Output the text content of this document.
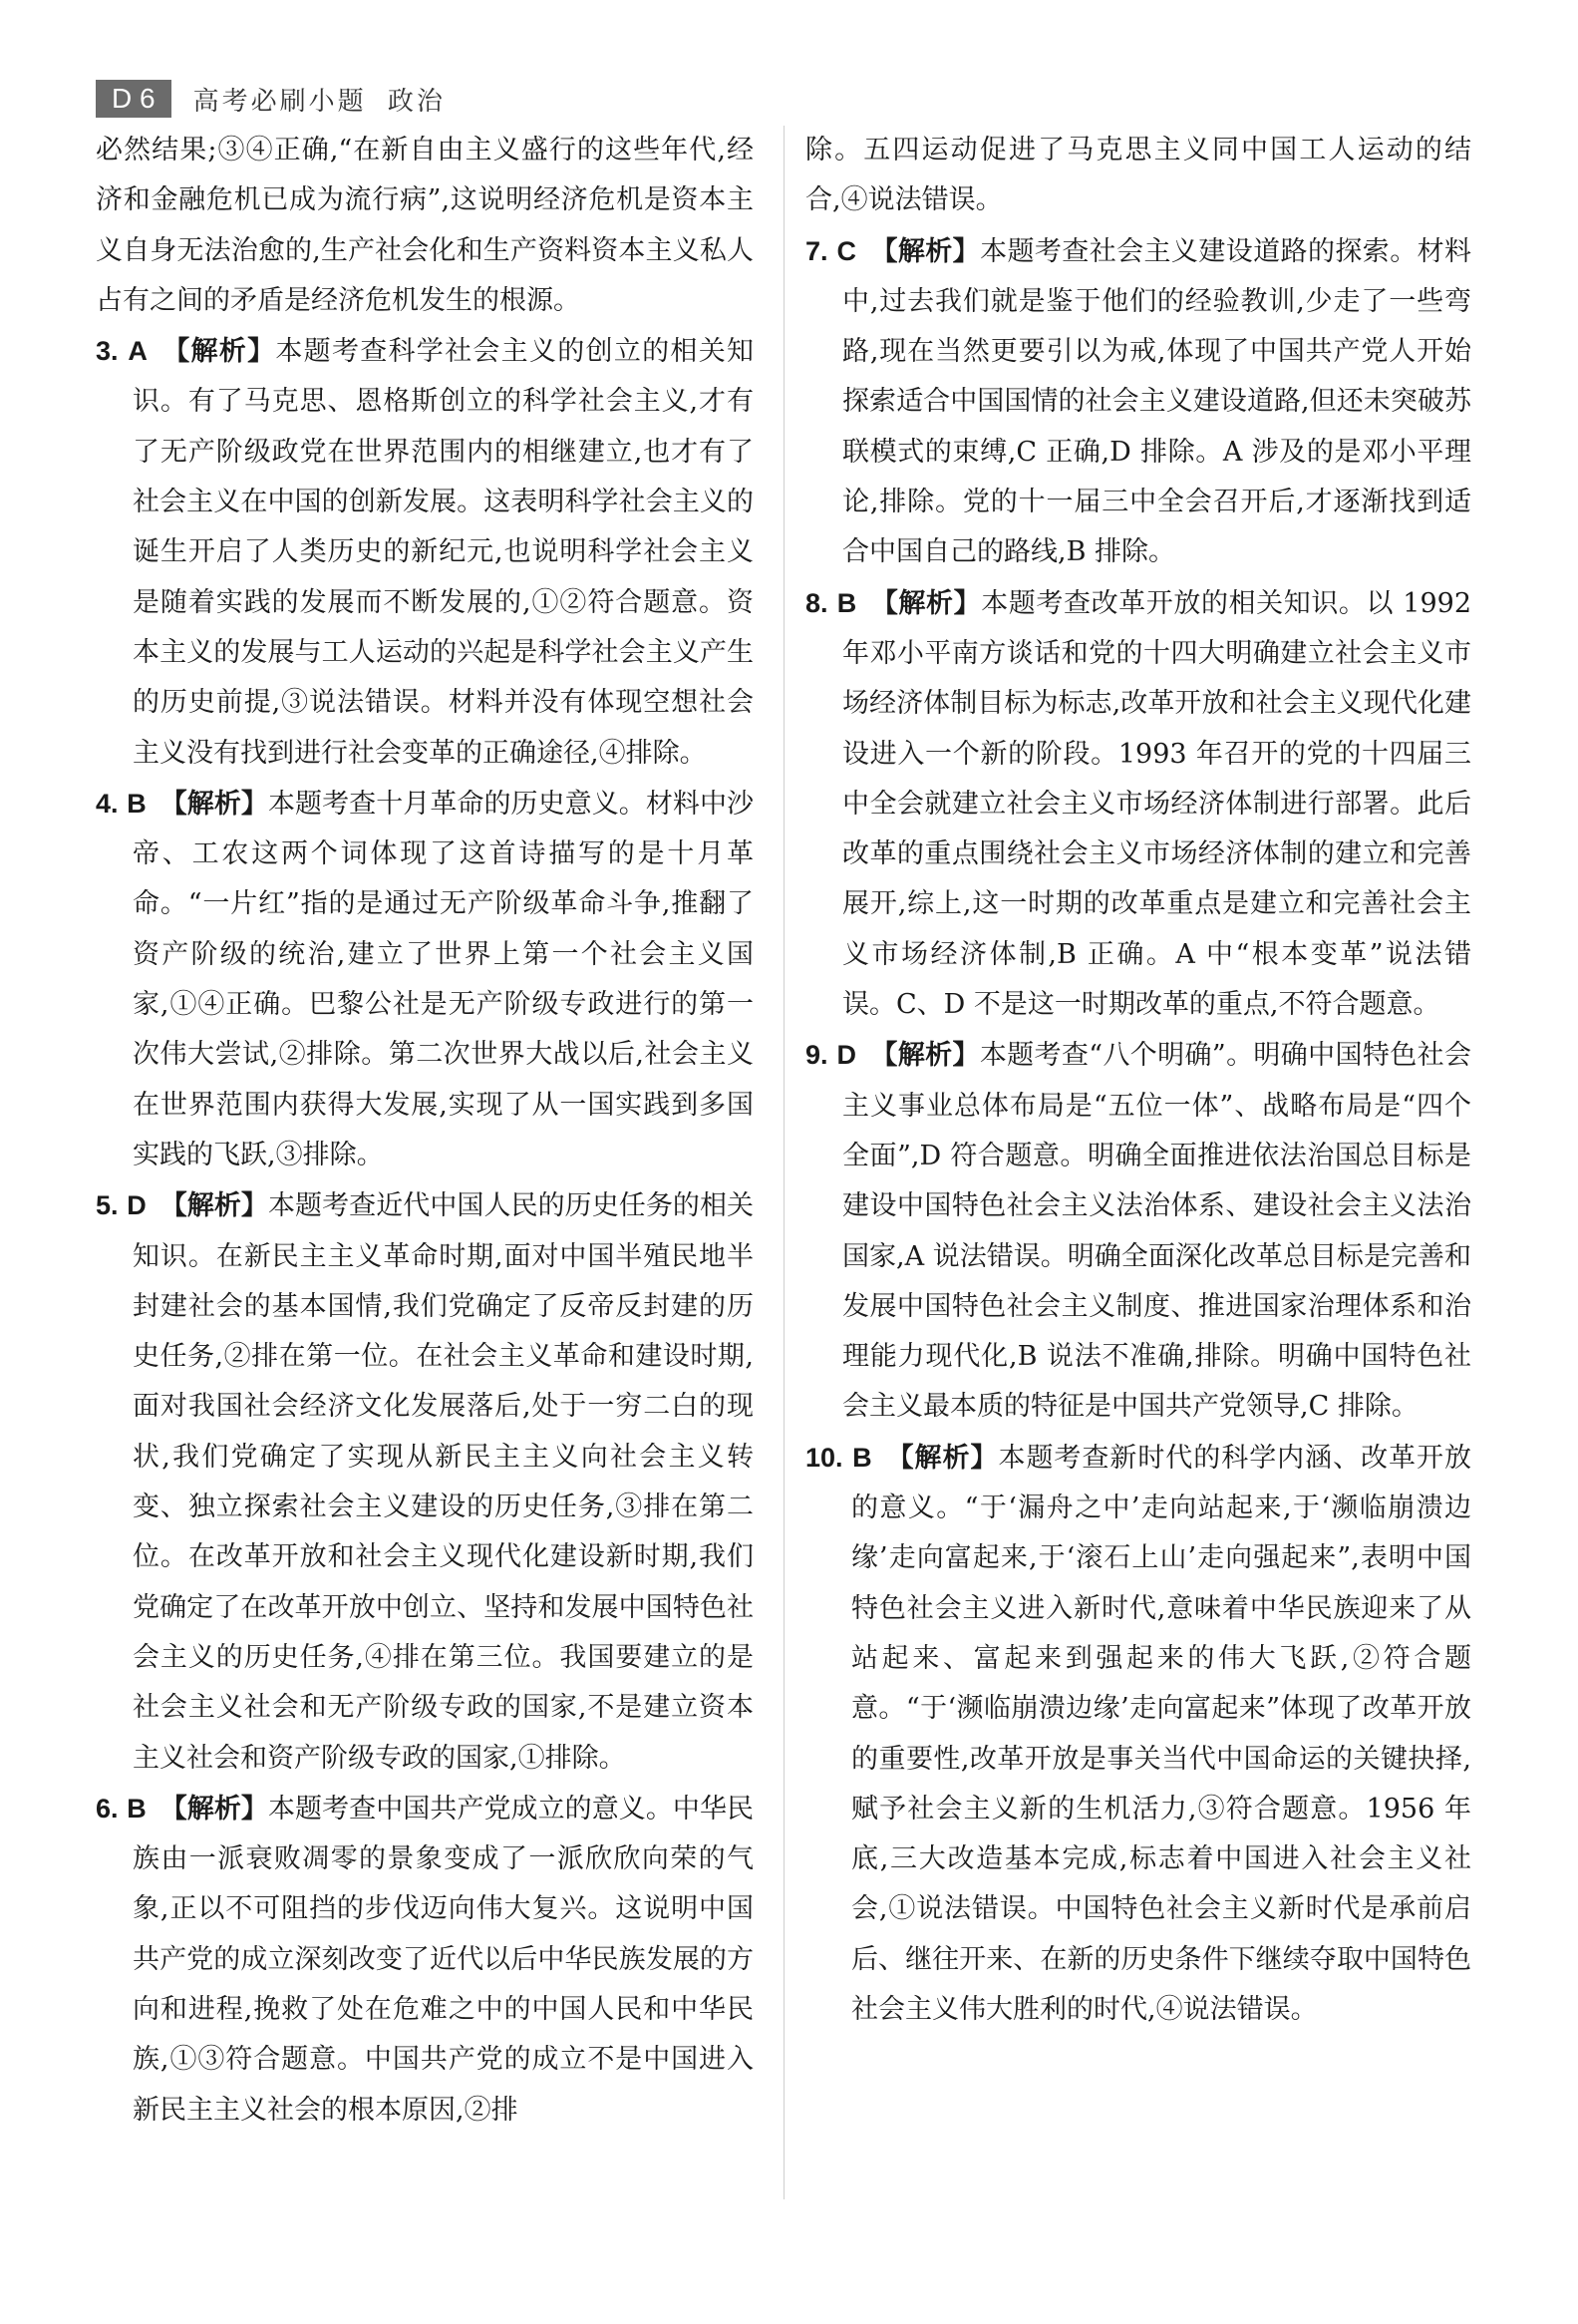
D 6	高考必刷小题 政治

必然结果;③④正确,“在新自由主义盛行的这些年代,经济和金融危机已成为流行病”,这说明经济危机是资本主义自身无法治愈的,生产社会化和生产资料资本主义私人占有之间的矛盾是经济危机发生的根源。

3. A 【解析】本题考查科学社会主义的创立的相关知识。有了马克思、恩格斯创立的科学社会主义,才有了无产阶级政党在世界范围内的相继建立,也才有了社会主义在中国的创新发展。这表明科学社会主义的诞生开启了人类历史的新纪元,也说明科学社会主义是随着实践的发展而不断发展的,①②符合题意。资本主义的发展与工人运动的兴起是科学社会主义产生的历史前提,③说法错误。材料并没有体现空想社会主义没有找到进行社会变革的正确途径,④排除。

4. B 【解析】本题考查十月革命的历史意义。材料中沙帝、工农这两个词体现了这首诗描写的是十月革命。“一片红”指的是通过无产阶级革命斗争,推翻了资产阶级的统治,建立了世界上第一个社会主义国家,①④正确。巴黎公社是无产阶级专政进行的第一次伟大尝试,②排除。第二次世界大战以后,社会主义在世界范围内获得大发展,实现了从一国实践到多国实践的飞跃,③排除。

5. D 【解析】本题考查近代中国人民的历史任务的相关知识。在新民主主义革命时期,面对中国半殖民地半封建社会的基本国情,我们党确定了反帝反封建的历史任务,②排在第一位。在社会主义革命和建设时期,面对我国社会经济文化发展落后,处于一穷二白的现状,我们党确定了实现从新民主主义向社会主义转变、独立探索社会主义建设的历史任务,③排在第二位。在改革开放和社会主义现代化建设新时期,我们党确定了在改革开放中创立、坚持和发展中国特色社会主义的历史任务,④排在第三位。我国要建立的是社会主义社会和无产阶级专政的国家,不是建立资本主义社会和资产阶级专政的国家,①排除。

6. B 【解析】本题考查中国共产党成立的意义。中华民族由一派衰败凋零的景象变成了一派欣欣向荣的气象,正以不可阻挡的步伐迈向伟大复兴。这说明中国共产党的成立深刻改变了近代以后中华民族发展的方向和进程,挽救了处在危难之中的中国人民和中华民族,①③符合题意。中国共产党的成立不是中国进入新民主主义社会的根本原因,②排

除。五四运动促进了马克思主义同中国工人运动的结合,④说法错误。

7. C 【解析】本题考查社会主义建设道路的探索。材料中,过去我们就是鉴于他们的经验教训,少走了一些弯路,现在当然更要引以为戒,体现了中国共产党人开始探索适合中国国情的社会主义建设道路,但还未突破苏联模式的束缚,C 正确,D 排除。A 涉及的是邓小平理论,排除。党的十一届三中全会召开后,才逐渐找到适合中国自己的路线,B 排除。

8. B 【解析】本题考查改革开放的相关知识。以 1992 年邓小平南方谈话和党的十四大明确建立社会主义市场经济体制目标为标志,改革开放和社会主义现代化建设进入一个新的阶段。1993 年召开的党的十四届三中全会就建立社会主义市场经济体制进行部署。此后改革的重点围绕社会主义市场经济体制的建立和完善展开,综上,这一时期的改革重点是建立和完善社会主义市场经济体制,B 正确。A 中“根本变革”说法错误。C、D 不是这一时期改革的重点,不符合题意。

9. D 【解析】本题考查“八个明确”。明确中国特色社会主义事业总体布局是“五位一体”、战略布局是“四个全面”,D 符合题意。明确全面推进依法治国总目标是建设中国特色社会主义法治体系、建设社会主义法治国家,A 说法错误。明确全面深化改革总目标是完善和发展中国特色社会主义制度、推进国家治理体系和治理能力现代化,B 说法不准确,排除。明确中国特色社会主义最本质的特征是中国共产党领导,C 排除。

10. B 【解析】本题考查新时代的科学内涵、改革开放的意义。“于‘漏舟之中’走向站起来,于‘濒临崩溃边缘’走向富起来,于‘滚石上山’走向强起来”,表明中国特色社会主义进入新时代,意味着中华民族迎来了从站起来、富起来到强起来的伟大飞跃,②符合题意。“于‘濒临崩溃边缘’走向富起来”体现了改革开放的重要性,改革开放是事关当代中国命运的关键抉择,赋予社会主义新的生机活力,③符合题意。1956 年底,三大改造基本完成,标志着中国进入社会主义社会,①说法错误。中国特色社会主义新时代是承前启后、继往开来、在新的历史条件下继续夺取中国特色社会主义伟大胜利的时代,④说法错误。
